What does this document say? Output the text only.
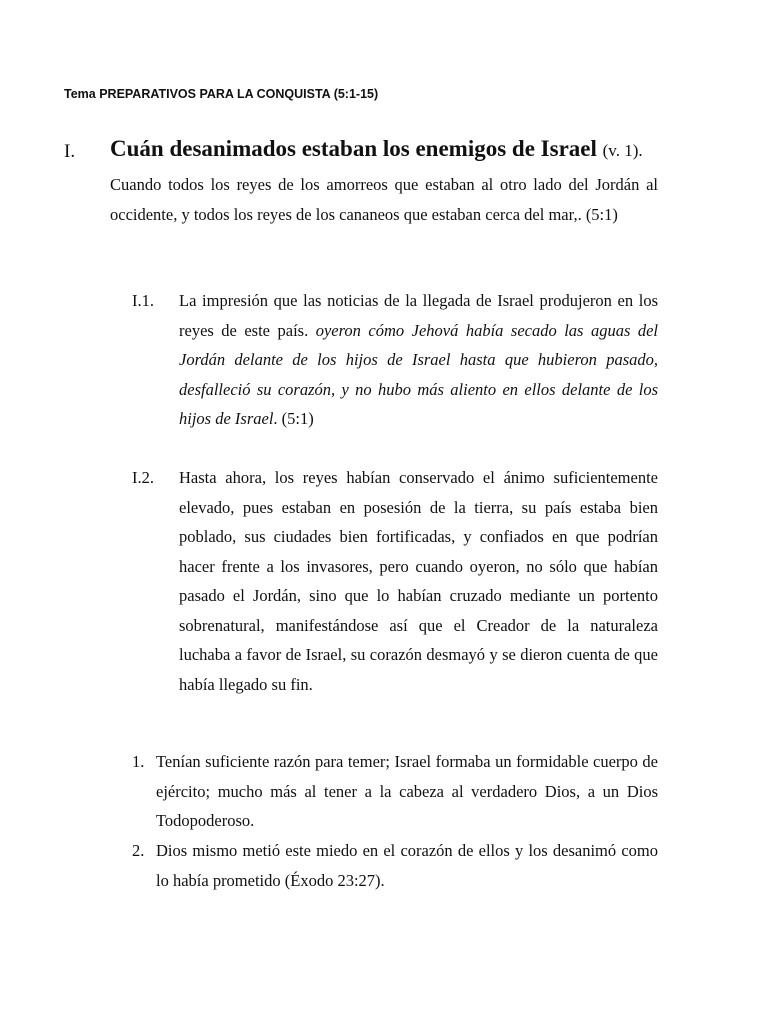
Tema PREPARATIVOS PARA LA CONQUISTA (5:1-15)
I. Cuán desanimados estaban los enemigos de Israel (v. 1).
Cuando todos los reyes de los amorreos que estaban al otro lado del Jordán al occidente, y todos los reyes de los cananeos que estaban cerca del mar,. (5:1)
I.1. La impresión que las noticias de la llegada de Israel produjeron en los reyes de este país. oyeron cómo Jehová había secado las aguas del Jordán delante de los hijos de Israel hasta que hubieron pasado, desfalleció su corazón, y no hubo más aliento en ellos delante de los hijos de Israel. (5:1)
I.2. Hasta ahora, los reyes habían conservado el ánimo suficientemente elevado, pues estaban en posesión de la tierra, su país estaba bien poblado, sus ciudades bien fortificadas, y confiados en que podrían hacer frente a los invasores, pero cuando oyeron, no sólo que habían pasado el Jordán, sino que lo habían cruzado mediante un portento sobrenatural, manifestándose así que el Creador de la naturaleza luchaba a favor de Israel, su corazón desmayó y se dieron cuenta de que había llegado su fin.
1. Tenían suficiente razón para temer; Israel formaba un formidable cuerpo de ejército; mucho más al tener a la cabeza al verdadero Dios, a un Dios Todopoderoso.
2. Dios mismo metió este miedo en el corazón de ellos y los desanimó como lo había prometido (Éxodo 23:27).
